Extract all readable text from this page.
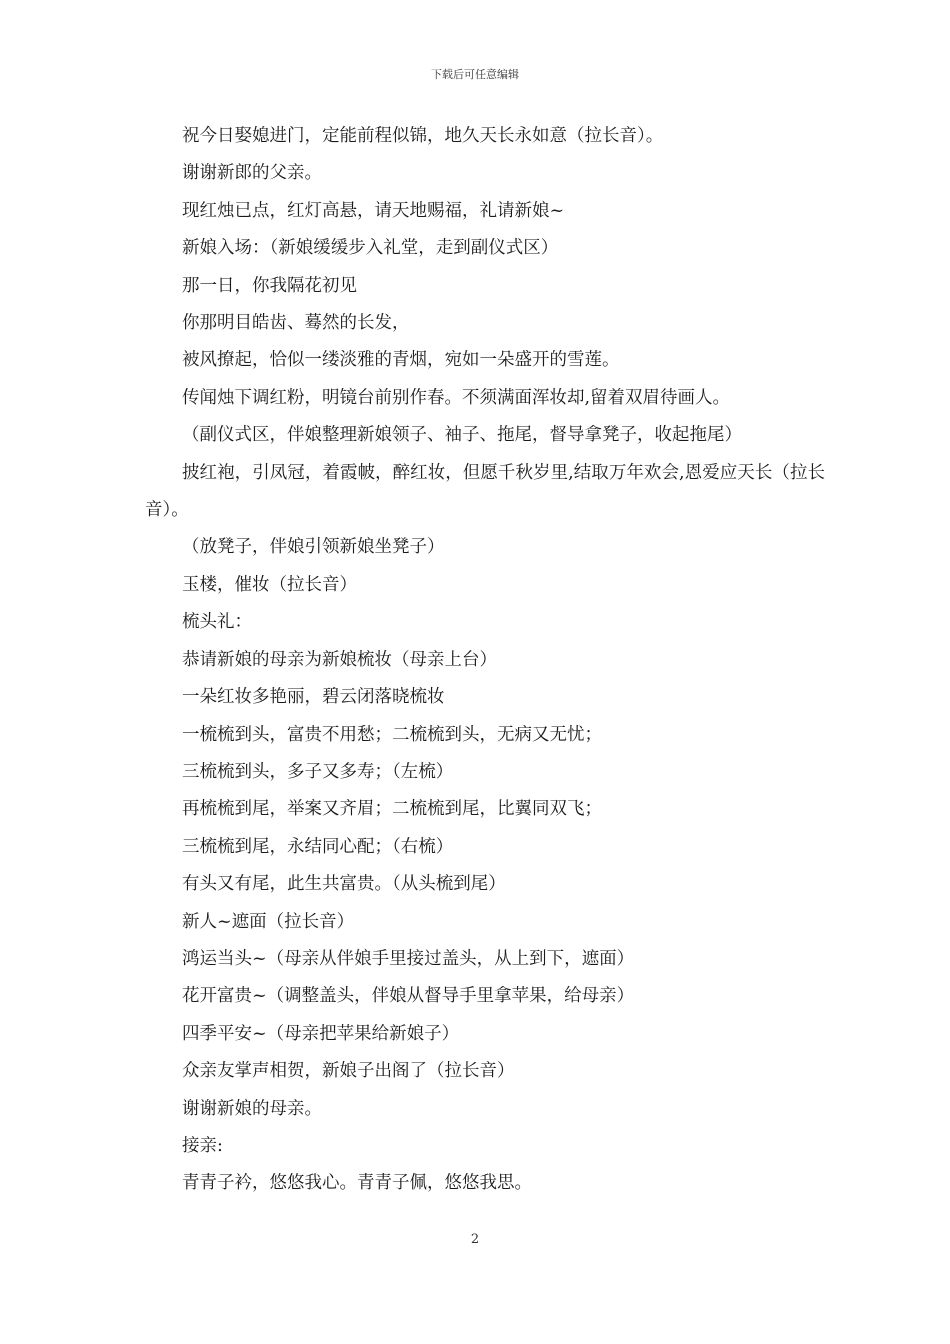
下载后可任意编辑

祝今日娶媳进门，定能前程似锦，地久天长永如意（拉长音）。

谢谢新郎的父亲。

现红烛已点，红灯高悬，请天地赐福，礼请新娘~

新娘入场：（新娘缓缓步入礼堂，走到副仪式区）

那一日，你我隔花初见

你那明目皓齿、蓦然的长发，

被风撩起，恰似一缕淡雅的青烟，宛如一朵盛开的雪莲。

传闻烛下调红粉，明镜台前别作春。不须满面浑妆却,留着双眉待画人。

（副仪式区，伴娘整理新娘领子、袖子、拖尾，督导拿凳子，收起拖尾）

披红袍，引凤冠，着霞帔，醉红妆，但愿千秋岁里,结取万年欢会,恩爱应天长（拉长音）。

（放凳子，伴娘引领新娘坐凳子）

玉楼，催妆（拉长音）

梳头礼：

恭请新娘的母亲为新娘梳妆（母亲上台）

一朵红妆多艳丽，碧云闭落晓梳妆

一梳梳到头，富贵不用愁；二梳梳到头，无病又无忧；

三梳梳到头，多子又多寿；（左梳）

再梳梳到尾，举案又齐眉；二梳梳到尾，比翼同双飞；

三梳梳到尾，永结同心配；（右梳）

有头又有尾，此生共富贵。（从头梳到尾）

新人~遮面（拉长音）

鸿运当头~（母亲从伴娘手里接过盖头，从上到下，遮面）

花开富贵~（调整盖头，伴娘从督导手里拿苹果，给母亲）

四季平安~（母亲把苹果给新娘子）

众亲友掌声相贺，新娘子出阁了（拉长音）

谢谢新娘的母亲。

接亲:

青青子衿，悠悠我心。青青子佩，悠悠我思。

2
